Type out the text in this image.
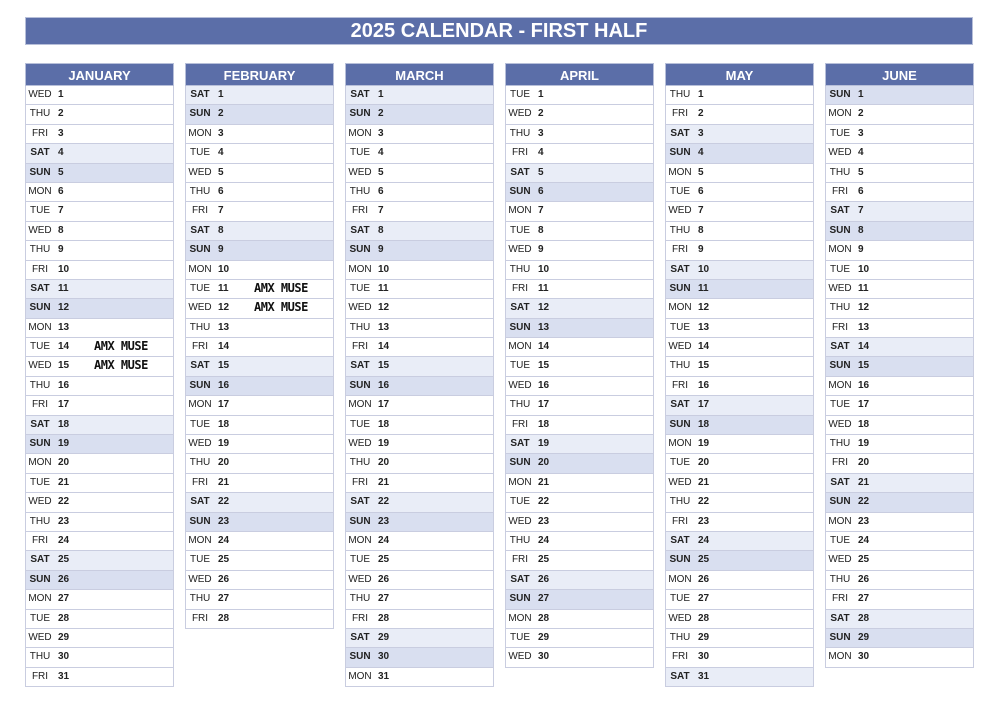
2025 CALENDAR - FIRST HALF
JANUARY
WED 1
THU 2
FRI 3
SAT 4
SUN 5
MON 6
TUE 7
WED 8
THU 9
FRI 10
SAT 11
SUN 12
MON 13
TUE 14 AMX MUSE
WED 15 AMX MUSE
THU 16
FRI 17
SAT 18
SUN 19
MON 20
TUE 21
WED 22
THU 23
FRI 24
SAT 25
SUN 26
MON 27
TUE 28
WED 29
THU 30
FRI 31
FEBRUARY
SAT 1
SUN 2
MON 3
TUE 4
WED 5
THU 6
FRI 7
SAT 8
SUN 9
MON 10
TUE 11 AMX MUSE
WED 12 AMX MUSE
THU 13
FRI 14
SAT 15
SUN 16
MON 17
TUE 18
WED 19
THU 20
FRI 21
SAT 22
SUN 23
MON 24
TUE 25
WED 26
THU 27
FRI 28
MARCH
SAT 1
SUN 2
MON 3
TUE 4
WED 5
THU 6
FRI 7
SAT 8
SUN 9
MON 10
TUE 11
WED 12
THU 13
FRI 14
SAT 15
SUN 16
MON 17
TUE 18
WED 19
THU 20
FRI 21
SAT 22
SUN 23
MON 24
TUE 25
WED 26
THU 27
FRI 28
SAT 29
SUN 30
MON 31
APRIL
TUE 1
WED 2
THU 3
FRI 4
SAT 5
SUN 6
MON 7
TUE 8
WED 9
THU 10
FRI 11
SAT 12
SUN 13
MON 14
TUE 15
WED 16
THU 17
FRI 18
SAT 19
SUN 20
MON 21
TUE 22
WED 23
THU 24
FRI 25
SAT 26
SUN 27
MON 28
TUE 29
WED 30
MAY
THU 1
FRI 2
SAT 3
SUN 4
MON 5
TUE 6
WED 7
THU 8
FRI 9
SAT 10
SUN 11
MON 12
TUE 13
WED 14
THU 15
FRI 16
SAT 17
SUN 18
MON 19
TUE 20
WED 21
THU 22
FRI 23
SAT 24
SUN 25
MON 26
TUE 27
WED 28
THU 29
FRI 30
SAT 31
JUNE
SUN 1
MON 2
TUE 3
WED 4
THU 5
FRI 6
SAT 7
SUN 8
MON 9
TUE 10
WED 11
THU 12
FRI 13
SAT 14
SUN 15
MON 16
TUE 17
WED 18
THU 19
FRI 20
SAT 21
SUN 22
MON 23
TUE 24
WED 25
THU 26
FRI 27
SAT 28
SUN 29
MON 30
